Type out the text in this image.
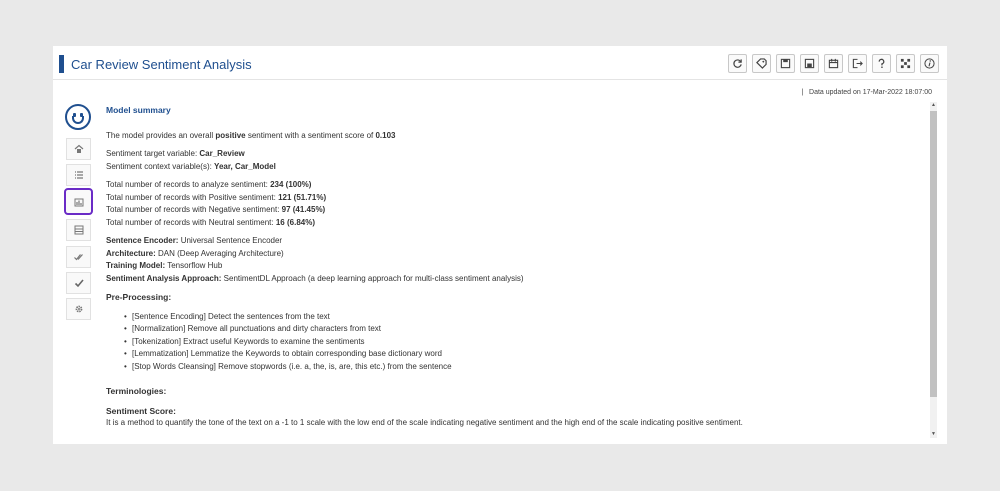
Car Review Sentiment Analysis
| Data updated on 17-Mar-2022 18:07:00
Model summary

The model provides an overall positive sentiment with a sentiment score of 0.103

Sentiment target variable: Car_Review

Sentiment context variable(s): Year, Car_Model

Total number of records to analyze sentiment: 234 (100%)

Total number of records with Positive sentiment: 121 (51.71%)

Total number of records with Negative sentiment: 97 (41.45%)

Total number of records with Neutral sentiment: 16 (6.84%)

Sentence Encoder: Universal Sentence Encoder

Architecture: DAN (Deep Averaging Architecture)

Training Model: Tensorflow Hub

Sentiment Analysis Approach: SentimentDL Approach (a deep learning approach for multi-class sentiment analysis)

Pre-Processing:
• [Sentence Encoding] Detect the sentences from the text
• [Normalization] Remove all punctuations and dirty characters from text
• [Tokenization] Extract useful Keywords to examine the sentiments
• [Lemmatization] Lemmatize the Keywords to obtain corresponding base dictionary word
• [Stop Words Cleansing] Remove stopwords (i.e. a, the, is, are, this etc.) from the sentence
Terminologies:
Sentiment Score:

It is a method to quantify the tone of the text on a -1 to 1 scale with the low end of the scale indicating negative sentiment and the high end of the scale indicating positive sentiment.

▲
▼
